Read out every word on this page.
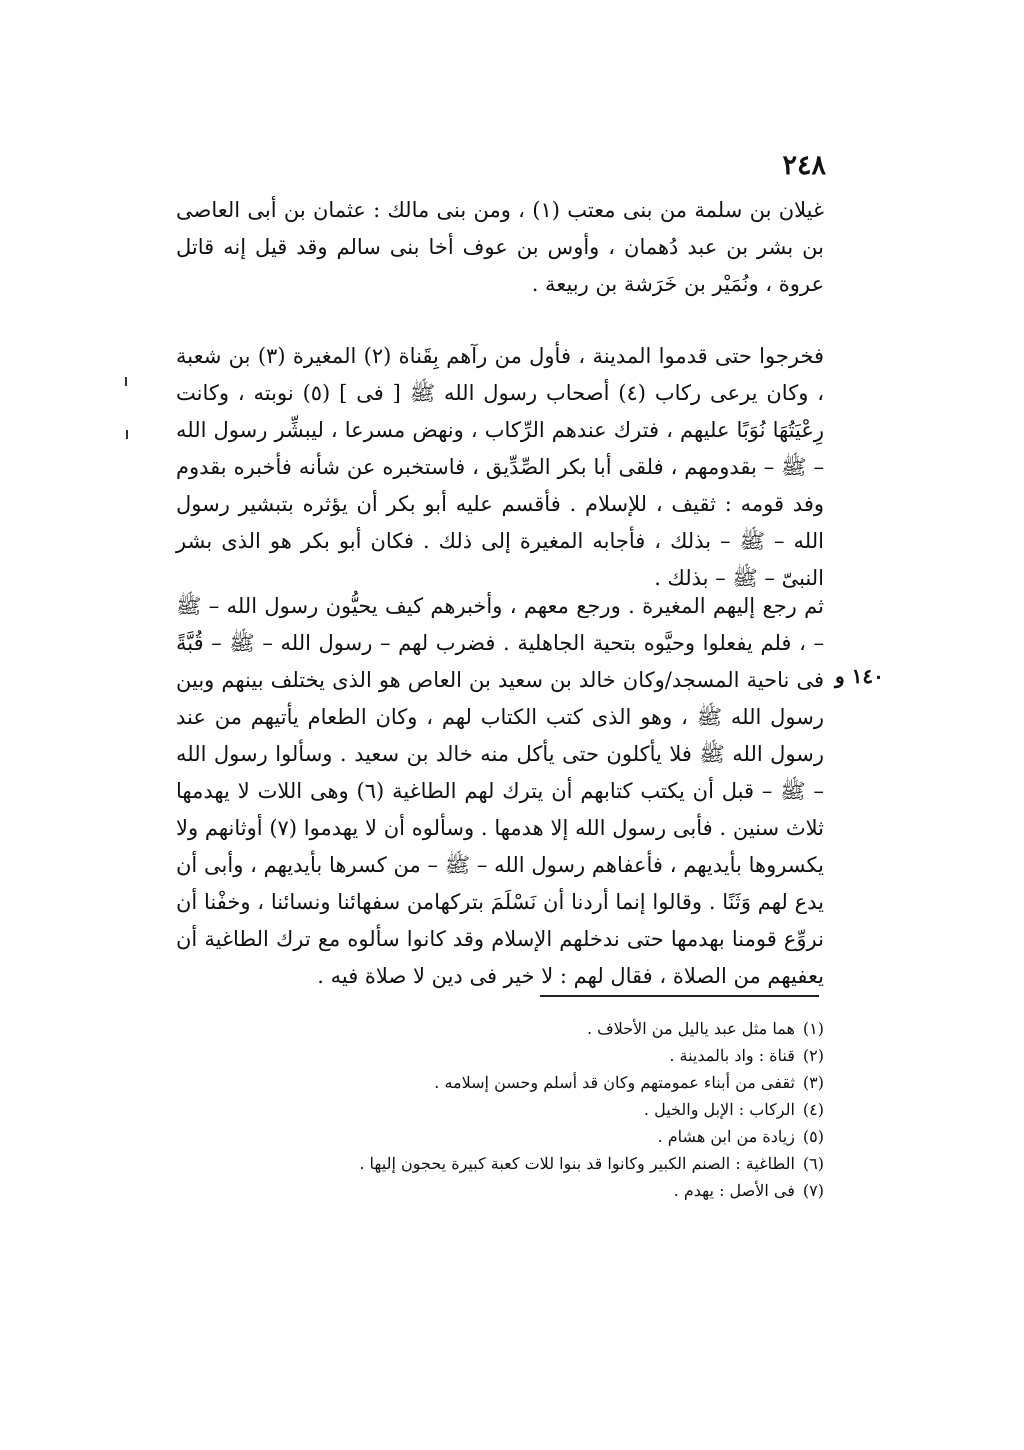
٢٤٨

غيلان بن سلمة من بنى معتب (١) ، ومن بنى مالك : عثمان بن أبى العاصى بن بشر بن عبد دُهمان ، وأوس بن عوف أخا بنى سالم وقد قيل إنه قاتل عروة ، ونُمَيْر بن خَرَشة بن ربيعة .

فخرجوا حتى قدموا المدينة ، فأول من رآهم بِقَناة (٢) المغيرة (٣) بن شعبة ، وكان يرعى ركاب (٤) أصحاب رسول الله ﷺ [ فى ] (٥) نوبته ، وكانت رِعْيَتُهَا نُوَبًا عليهم ، فترك عندهم الرِّكاب ، ونهض مسرعا ، ليبشِّر رسول الله – ﷺ – بقدومهم ، فلقى أبا بكر الصِّدِّيق ، فاستخبره عن شأنه فأخبره بقدوم وفد قومه : ثقيف ، للإسلام . فأقسم عليه أبو بكر أن يؤثره بتبشير رسول الله – ﷺ – بذلك ، فأجابه المغيرة إلى ذلك . فكان أبو بكر هو الذى بشر النبىّ – ﷺ – بذلك .

ثم رجع إليهم المغيرة . ورجع معهم ، وأخبرهم كيف يحيُّون رسول الله – ﷺ – ، فلم يفعلوا وحيَّوه بتحية الجاهلية . فضرب لهم – رسول الله – ﷺ – قُبَّةً فى ناحية المسجد/وكان خالد بن سعيد بن العاص هو الذى يختلف بينهم وبين رسول الله ﷺ ، وهو الذى كتب الكتاب لهم ، وكان الطعام يأتيهم من عند رسول الله ﷺ فلا يأكلون حتى يأكل منه خالد بن سعيد . وسألوا رسول الله – ﷺ – قبل أن يكتب كتابهم أن يترك لهم الطاغية (٦) وهى اللات لا يهدمها ثلاث سنين . فأبى رسول الله إلا هدمها . وسألوه أن لا يهدموا (٧) أوثانهم ولا يكسروها بأيديهم ، فأعفاهم رسول الله – ﷺ – من كسرها بأيديهم ، وأبى أن يدع لهم وَثَنًا . وقالوا إنما أردنا أن نَسْلَمَ بتركهامن سفهائنا ونسائنا ، وخفْنا أن نروِّع قومنا بهدمها حتى ندخلهم الإسلام وقد كانوا سألوه مع ترك الطاغية أن يعفيهم من الصلاة ، فقال لهم : لا خير فى دين لا صلاة فيه .

١٤٠ و
(١)هما مثل عبد ياليل من الأحلاف .
(٢)قناة : واد بالمدينة .
(٣)ثقفى من أبناء عمومتهم وكان قد أسلم وحسن إسلامه .
(٤)الركاب : الإبل والخيل .
(٥)زيادة من ابن هشام .
(٦)الطاغية : الصنم الكبير وكانوا قد بنوا للات كعبة كبيرة يحجون إليها .
(٧)فى الأصل : يهدم .
